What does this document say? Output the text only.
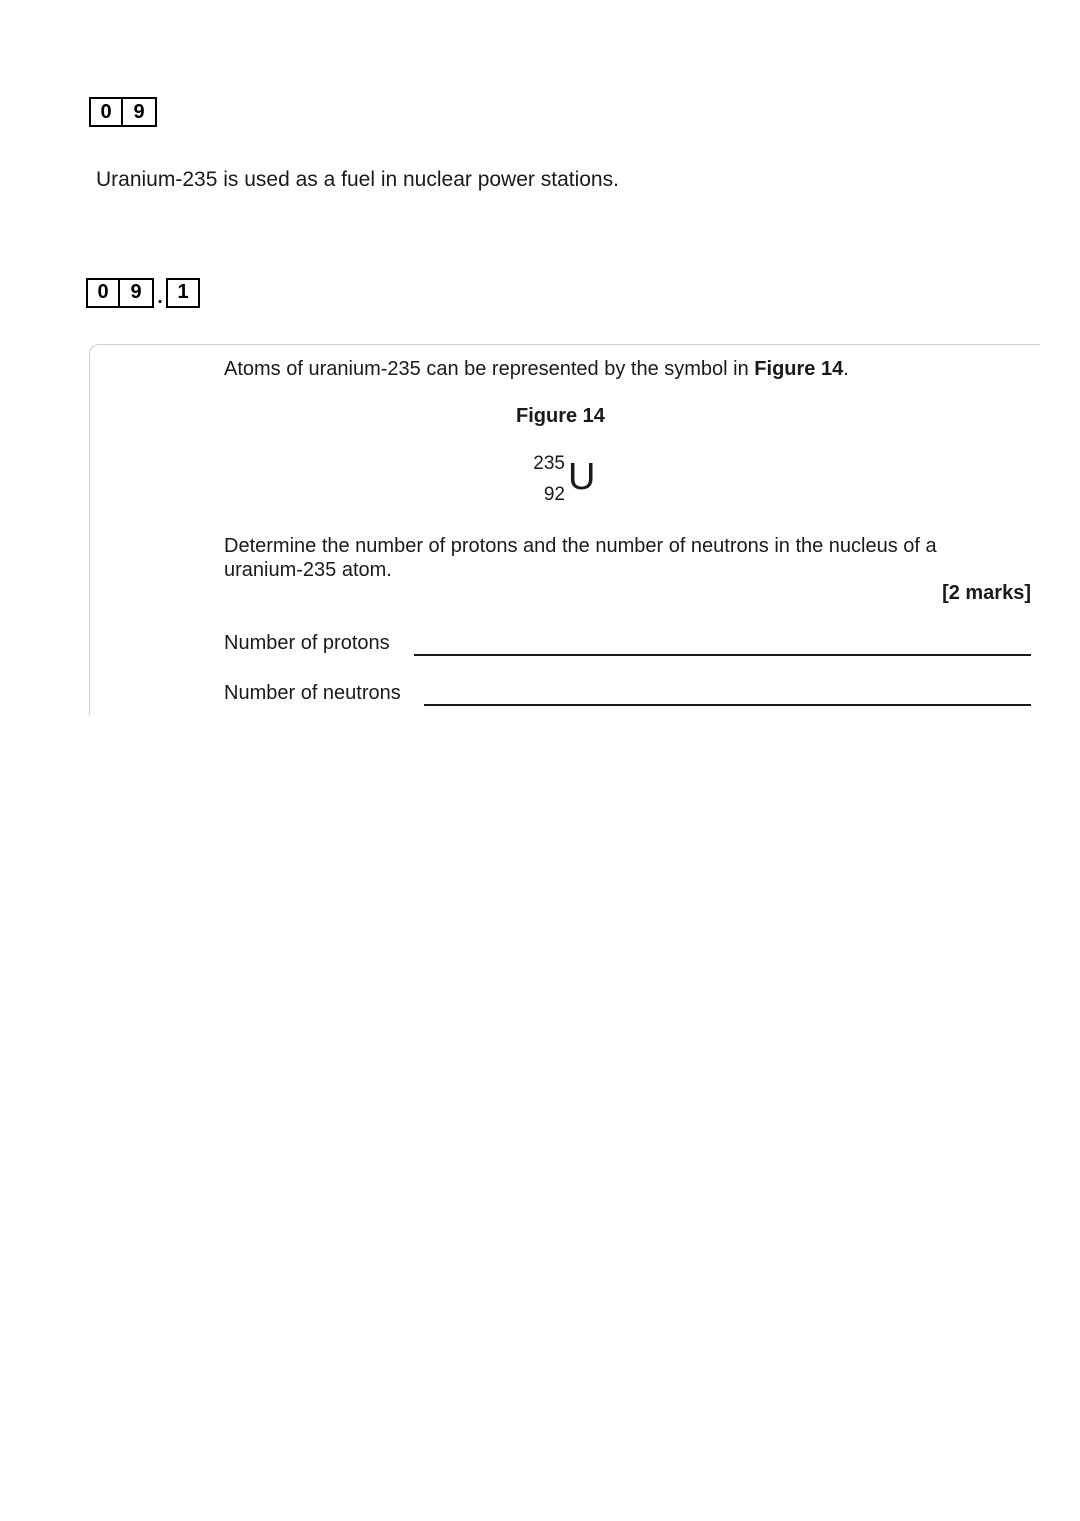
0	9
Uranium-235 is used as a fuel in nuclear power stations.
0	9 . 1
Atoms of uranium-235 can be represented by the symbol in Figure 14.
Figure 14
235
92 U
Determine the number of protons and the number of neutrons in the nucleus of a uranium-235 atom.
[2 marks]
Number of protons
Number of neutrons
